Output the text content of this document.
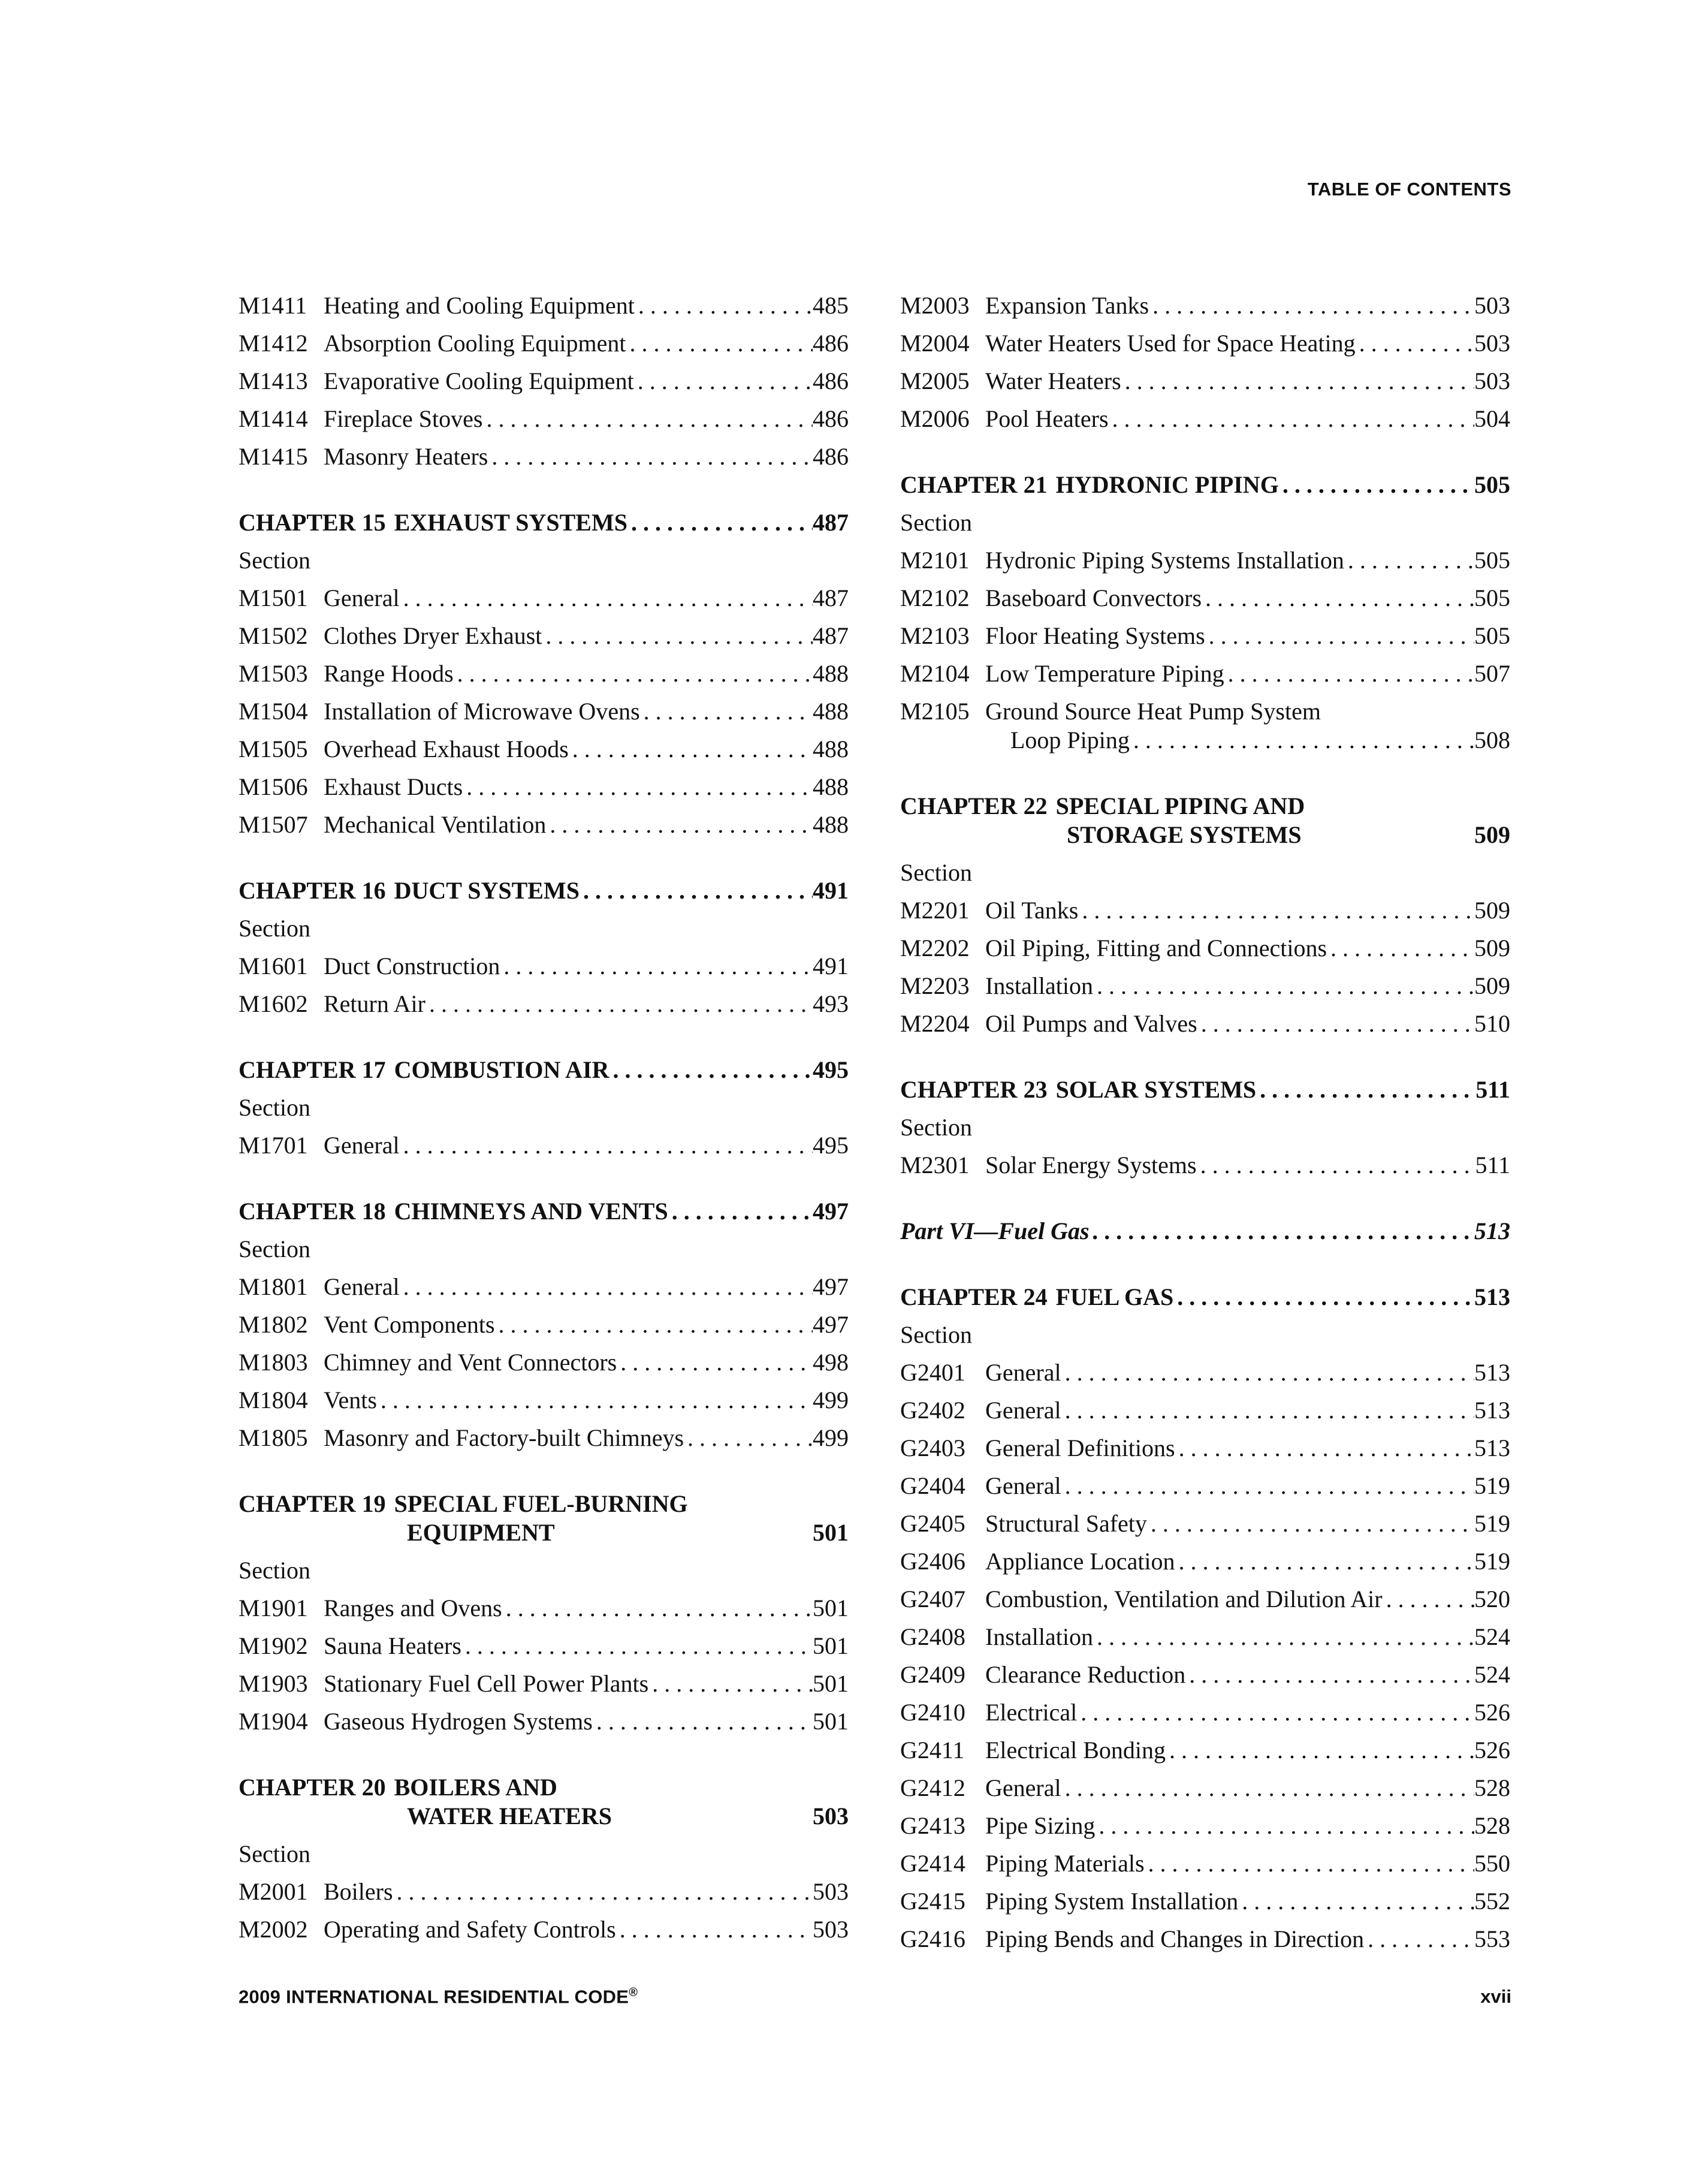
TABLE OF CONTENTS
M1411 Heating and Cooling Equipment . . .	485
M1412 Absorption Cooling Equipment . . .	486
M1413 Evaporative Cooling Equipment . . .	486
M1414 Fireplace Stoves . . .	486
M1415 Masonry Heaters . . .	486
CHAPTER 15 EXHAUST SYSTEMS . . .	487
Section
M1501 General . . .	487
M1502 Clothes Dryer Exhaust . . .	487
M1503 Range Hoods . . .	488
M1504 Installation of Microwave Ovens . . .	488
M1505 Overhead Exhaust Hoods . . .	488
M1506 Exhaust Ducts . . .	488
M1507 Mechanical Ventilation . . .	488
CHAPTER 16 DUCT SYSTEMS . . .	491
Section
M1601 Duct Construction . . .	491
M1602 Return Air . . .	493
CHAPTER 17 COMBUSTION AIR . . .	495
Section
M1701 General . . .	495
CHAPTER 18 CHIMNEYS AND VENTS . . .	497
Section
M1801 General . . .	497
M1802 Vent Components . . .	497
M1803 Chimney and Vent Connectors . . .	498
M1804 Vents . . .	499
M1805 Masonry and Factory-built Chimneys . . .	499
CHAPTER 19 SPECIAL FUEL-BURNING
EQUIPMENT	501
Section
M1901 Ranges and Ovens . . .	501
M1902 Sauna Heaters . . .	501
M1903 Stationary Fuel Cell Power Plants . . .	501
M1904 Gaseous Hydrogen Systems . . .	501
CHAPTER 20 BOILERS AND
WATER HEATERS	503
Section
M2001 Boilers . . .	503
M2002 Operating and Safety Controls . . .	503
M2003 Expansion Tanks . . .	503
M2004 Water Heaters Used for Space Heating . . .	503
M2005 Water Heaters . . .	503
M2006 Pool Heaters . . .	504
CHAPTER 21 HYDRONIC PIPING . . .	505
Section
M2101 Hydronic Piping Systems Installation . . .	505
M2102 Baseboard Convectors . . .	505
M2103 Floor Heating Systems . . .	505
M2104 Low Temperature Piping . . .	507
M2105 Ground Source Heat Pump System
Loop Piping . . .	508
CHAPTER 22 SPECIAL PIPING AND
STORAGE SYSTEMS	509
Section
M2201 Oil Tanks . . .	509
M2202 Oil Piping, Fitting and Connections . . .	509
M2203 Installation . . .	509
M2204 Oil Pumps and Valves . . .	510
CHAPTER 23 SOLAR SYSTEMS . . .	511
Section
M2301 Solar Energy Systems . . .	511
Part VI—Fuel Gas . . .	513
CHAPTER 24 FUEL GAS . . .	513
Section
G2401 General . . .	513
G2402 General . . .	513
G2403 General Definitions . . .	513
G2404 General . . .	519
G2405 Structural Safety . . .	519
G2406 Appliance Location . . .	519
G2407 Combustion, Ventilation and Dilution Air . . .	520
G2408 Installation . . .	524
G2409 Clearance Reduction . . .	524
G2410 Electrical . . .	526
G2411 Electrical Bonding . . .	526
G2412 General . . .	528
G2413 Pipe Sizing . . .	528
G2414 Piping Materials . . .	550
G2415 Piping System Installation . . .	552
G2416 Piping Bends and Changes in Direction . . .	553
2009 INTERNATIONAL RESIDENTIAL CODE®	xvii
